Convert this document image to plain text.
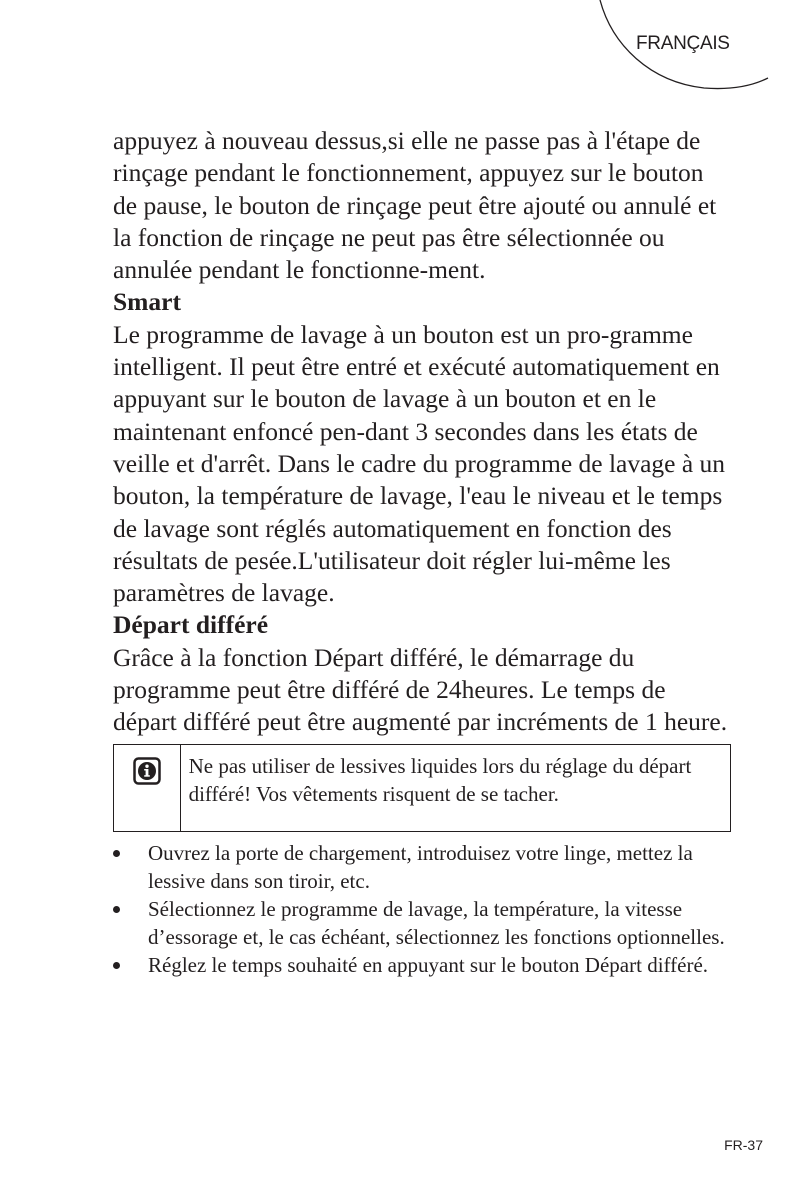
FRANÇAIS

appuyez à nouveau dessus,si elle ne passe pas à l'étape de rinçage pendant le fonctionnement, appuyez sur le bouton de pause, le bouton de rinçage peut être ajouté ou annulé et la fonction de rinçage ne peut pas être sélectionnée ou annulée pendant le fonctionne-ment.

Smart

Le programme de lavage à un bouton est un pro-gramme intelligent. Il peut être entré et exécuté automatiquement en appuyant sur le bouton de lavage à un bouton et en le maintenant enfoncé pen-dant 3 secondes dans les états de veille et d'arrêt. Dans le cadre du programme de lavage à un bouton, la température de lavage, l'eau le niveau et le temps de lavage sont réglés automatiquement en fonction des résultats de pesée.L'utilisateur doit régler lui-même les paramètres de lavage.

Départ différé

Grâce à la fonction Départ différé, le démarrage du programme peut être différé de 24heures. Le temps de départ différé peut être augmenté par incréments de 1 heure.

Ne pas utiliser de lessives liquides lors du réglage du départ différé! Vos vêtements risquent de se tacher.
Ouvrez la porte de chargement, introduisez votre linge, mettez la lessive dans son tiroir, etc.
Sélectionnez le programme de lavage, la température, la vitesse d’essorage et, le cas échéant, sélectionnez les fonctions optionnelles.
Réglez le temps souhaité en appuyant sur le bouton Départ différé.
FR-37
